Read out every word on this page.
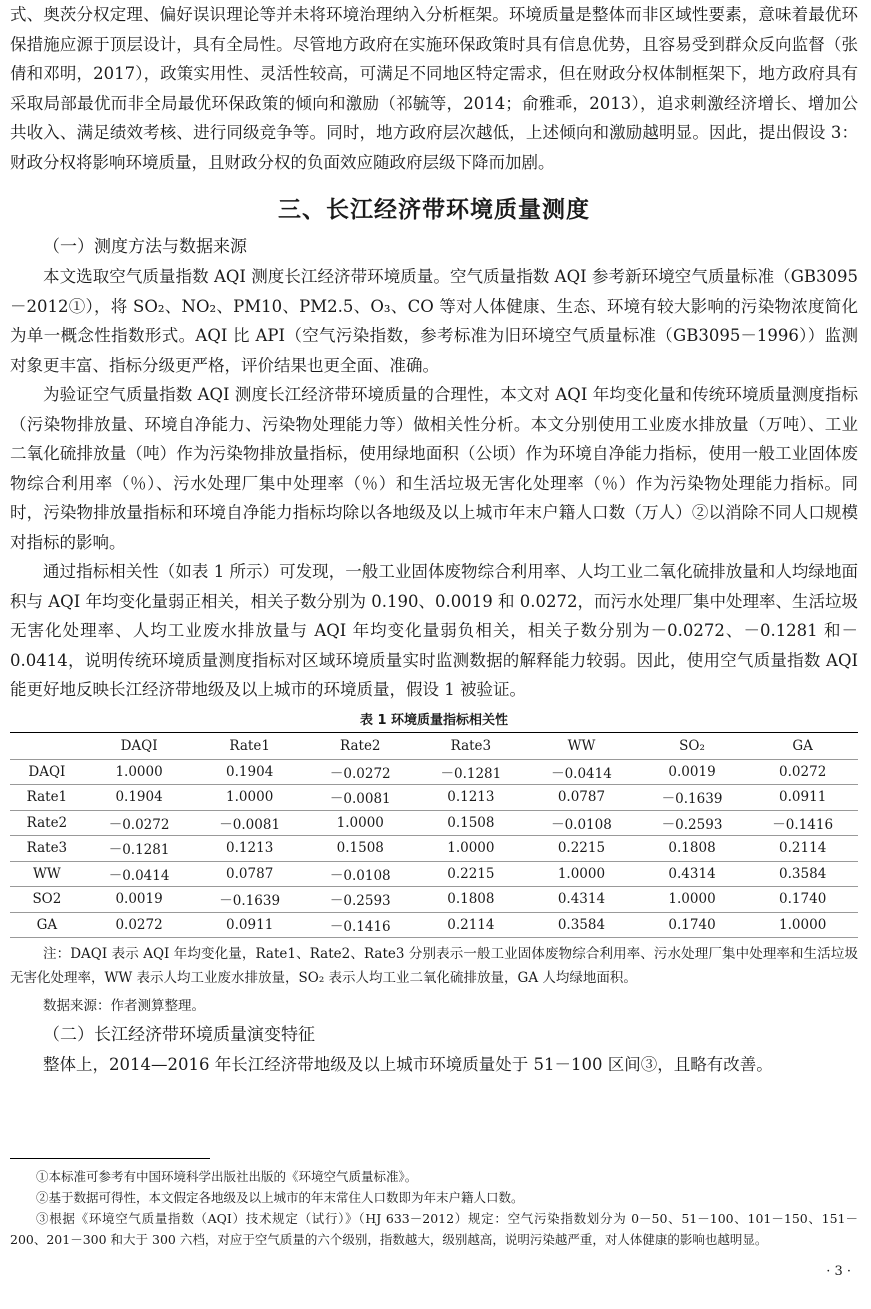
式、奥茨分权定理、偏好误识理论等并未将环境治理纳入分析框架。环境质量是整体而非区域性要素，意味着最优环保措施应源于顶层设计，具有全局性。尽管地方政府在实施环保政策时具有信息优势，且容易受到群众反向监督（张倩和邓明，2017），政策实用性、灵活性较高，可满足不同地区特定需求，但在财政分权体制框架下，地方政府具有采取局部最优而非全局最优环保政策的倾向和激励（祁毓等，2014；俞雅乖，2013），追求刺激经济增长、增加公共收入、满足绩效考核、进行同级竞争等。同时，地方政府层次越低，上述倾向和激励越明显。因此，提出假设 3：财政分权将影响环境质量，且财政分权的负面效应随政府层级下降而加剧。

三、长江经济带环境质量测度
（一）测度方法与数据来源

本文选取空气质量指数 AQI 测度长江经济带环境质量。空气质量指数 AQI 参考新环境空气质量标准（GB3095－2012①），将 SO₂、NO₂、PM10、PM2.5、O₃、CO 等对人体健康、生态、环境有较大影响的污染物浓度简化为单一概念性指数形式。AQI 比 API（空气污染指数，参考标准为旧环境空气质量标准（GB3095－1996））监测对象更丰富、指标分级更严格，评价结果也更全面、准确。

为验证空气质量指数 AQI 测度长江经济带环境质量的合理性，本文对 AQI 年均变化量和传统环境质量测度指标（污染物排放量、环境自净能力、污染物处理能力等）做相关性分析。本文分别使用工业废水排放量（万吨）、工业二氧化硫排放量（吨）作为污染物排放量指标，使用绿地面积（公顷）作为环境自净能力指标，使用一般工业固体废物综合利用率（％）、污水处理厂集中处理率（％）和生活垃圾无害化处理率（％）作为污染物处理能力指标。同时，污染物排放量指标和环境自净能力指标均除以各地级及以上城市年末户籍人口数（万人）②以消除不同人口规模对指标的影响。

通过指标相关性（如表 1 所示）可发现，一般工业固体废物综合利用率、人均工业二氧化硫排放量和人均绿地面积与 AQI 年均变化量弱正相关，相关子数分别为 0.190、0.0019 和 0.0272，而污水处理厂集中处理率、生活垃圾无害化处理率、人均工业废水排放量与 AQI 年均变化量弱负相关，相关子数分别为－0.0272、－0.1281 和－0.0414，说明传统环境质量测度指标对区域环境质量实时监测数据的解释能力较弱。因此，使用空气质量指数 AQI 能更好地反映长江经济带地级及以上城市的环境质量，假设 1 被验证。

表 1 环境质量指标相关性
	DAQI	Rate1	Rate2	Rate3	WW	SO₂	GA
DAQI	1.0000	0.1904	－0.0272	－0.1281	－0.0414	0.0019	0.0272
Rate1	0.1904	1.0000	－0.0081	0.1213	0.0787	－0.1639	0.0911
Rate2	－0.0272	－0.0081	1.0000	0.1508	－0.0108	－0.2593	－0.1416
Rate3	－0.1281	0.1213	0.1508	1.0000	0.2215	0.1808	0.2114
WW	－0.0414	0.0787	－0.0108	0.2215	1.0000	0.4314	0.3584
SO2	0.0019	－0.1639	－0.2593	0.1808	0.4314	1.0000	0.1740
GA	0.0272	0.0911	－0.1416	0.2114	0.3584	0.1740	1.0000

注：DAQI 表示 AQI 年均变化量，Rate1、Rate2、Rate3 分别表示一般工业固体废物综合利用率、污水处理厂集中处理率和生活垃圾无害化处理率，WW 表示人均工业废水排放量，SO₂ 表示人均工业二氧化硫排放量，GA 人均绿地面积。

数据来源：作者测算整理。

（二）长江经济带环境质量演变特征

整体上，2014—2016 年长江经济带地级及以上城市环境质量处于 51－100 区间③，且略有改善。

①本标准可参考有中国环境科学出版社出版的《环境空气质量标准》。
②基于数据可得性，本文假定各地级及以上城市的年末常住人口数即为年末户籍人口数。
③根据《环境空气质量指数（AQI）技术规定（试行）》（HJ 633－2012）规定：空气污染指数划分为 0－50、51－100、101－150、151－200、201－300 和大于 300 六档，对应于空气质量的六个级别，指数越大，级别越高，说明污染越严重，对人体健康的影响也越明显。
· 3 ·
